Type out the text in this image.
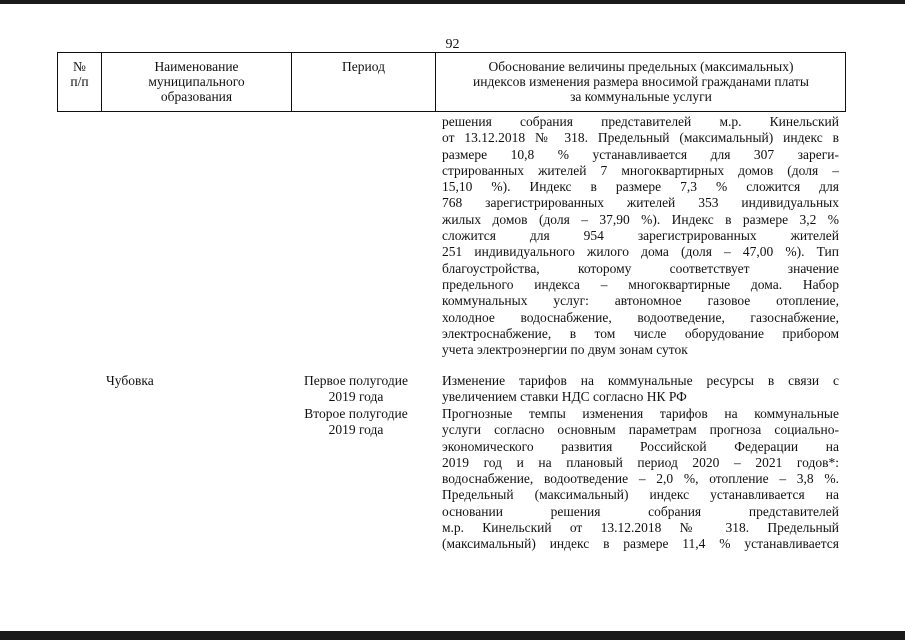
92
№
п/п
Наименование
муниципального
образования
Период	Обоснование величины предельных (максимальных)
индексов изменения размера вносимой гражданами платы
за коммунальные услуги
решения собрания представителей м.р. Кинельский
от 13.12.2018 № 318. Предельный (максимальный) индекс в
размере 10,8 % устанавливается для 307 зареги-
стрированных жителей 7 многоквартирных домов (доля –
15,10 %). Индекс в размере 7,3 % сложится для
768 зарегистрированных жителей 353 индивидуальных
жилых домов (доля – 37,90 %). Индекс в размере 3,2 %
сложится для 954 зарегистрированных жителей
251 индивидуального жилого дома (доля – 47,00 %). Тип
благоустройства, которому соответствует значение
предельного индекса – многоквартирные дома. Набор
коммунальных услуг: автономное газовое отопление,
холодное водоснабжение, водоотведение, газоснабжение,
электроснабжение, в том числе оборудование прибором
учета электроэнергии по двум зонам суток
Чубовка	Первое полугодие
2019 года
Второе полугодие
2019 года
Изменение тарифов на коммунальные ресурсы в связи с
увеличением ставки НДС согласно НК РФ
Прогнозные темпы изменения тарифов на коммунальные
услуги согласно основным параметрам прогноза социально-
экономического развития Российской Федерации на
2019 год и на плановый период 2020 – 2021 годов*:
водоснабжение, водоотведение – 2,0 %, отопление – 3,8 %.
Предельный (максимальный) индекс устанавливается на
основании решения собрания представителей
м.р. Кинельский от 13.12.2018 № 318. Предельный
(максимальный) индекс в размере 11,4 % устанавливается
